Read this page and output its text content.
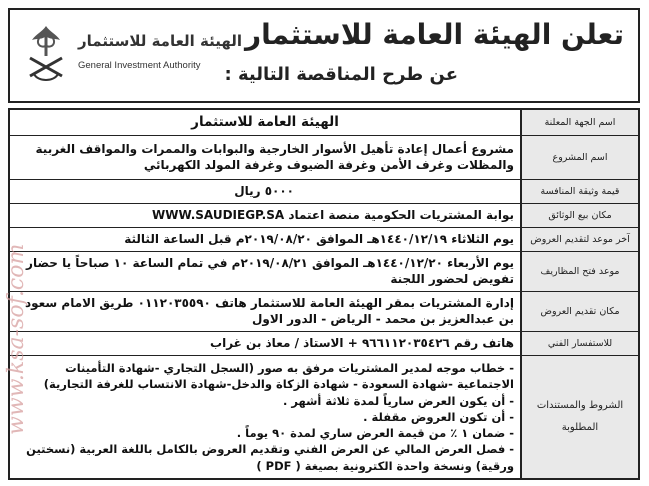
تعلن الهيئة العامة للاستثمار
عن طرح المناقصة التالية :
الهيئة العامة للاستثمار
General Investment Authority
اسم الجهة المعلنة
الهيئة العامة للاستثمار
اسم المشروع
مشروع أعمال إعادة تأهيل الأسوار الخارجية والبوابات والممرات والمواقف الغربية والمظلات وغرف الأمن وغرفة الضيوف وغرفة المولد الكهربائي
قيمة وثيقة المنافسة
٥٠٠٠ ريال
مكان بيع الوثائق
بوابة المشتريات الحكومية منصة اعتماد WWW.SAUDIEGP.SA
آخر موعد لتقديم العروض
يوم الثلاثاء ١٤٤٠/١٢/١٩هـ الموافق ٢٠١٩/٠٨/٢٠م قبل الساعة الثالثة
موعد فتح المظاريف
يوم الأربعاء ١٤٤٠/١٢/٢٠هـ الموافق ٢٠١٩/٠٨/٢١م في تمام الساعة ١٠ صباحاً يا حضار تفويض لحضور اللجنة
مكان تقديم العروض
إدارة المشتريات بمقر الهيئة العامة للاستثمار هاتف ٠١١٢٠٣٥٥٩٠ طريق الامام سعود بن عبدالعزيز بن محمد - الرياض - الدور الاول
للاستفسار الفني
هاتف رقم ٩٦٦١١٢٠٣٥٤٢٦ + الاستاذ / معاذ بن غراب
الشروط والمستندات المطلوبة
- خطاب موجه لمدير المشتريات مرفق به صور (السجل التجاري -شهادة التأمينات الاجتماعية -شهادة السعودة - شهادة الزكاة والدخل-شهادة الانتساب للغرفة التجارية)
- أن يكون العرض سارياً لمدة ثلاثة أشهر .
- أن تكون العروض مقفلة .
- ضمان ١ ٪ من قيمة العرض ساري لمدة ٩٠ يوماً .
- فصل العرض المالي عن العرض الفني وتقديم العروض بالكامل باللغة العربية (نسختين ورقية) ونسخة واحدة الكترونية بصيغة ( PDF )
www.ksa-sof.com
